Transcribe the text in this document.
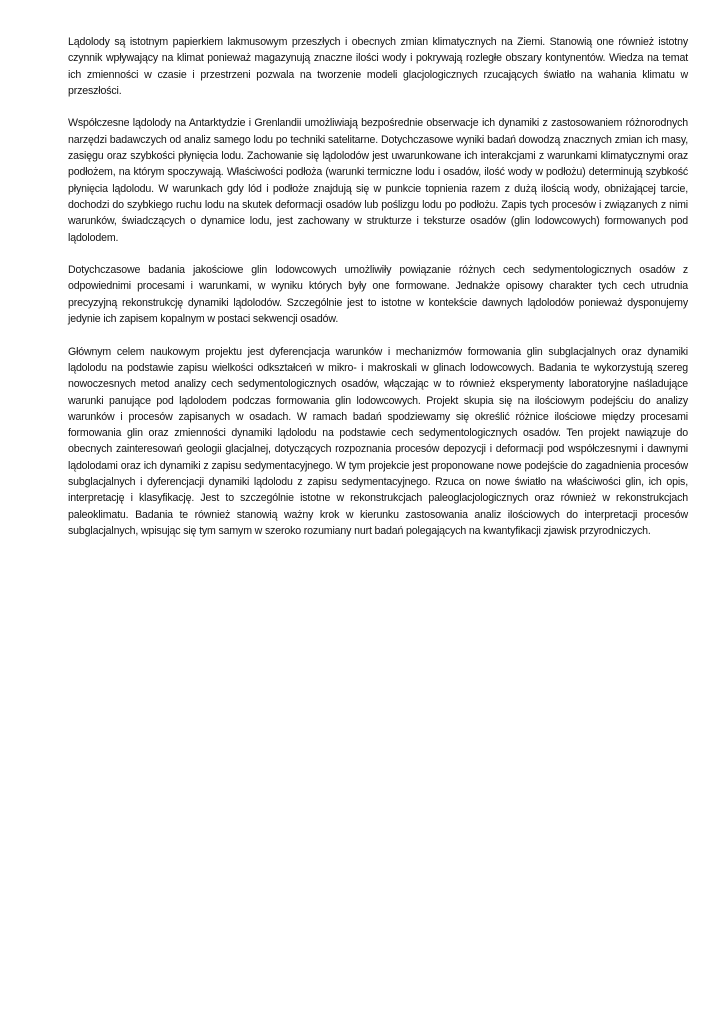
Lądolody są istotnym papierkiem lakmusowym przeszłych i obecnych zmian klimatycznych na Ziemi. Stanowią one również istotny czynnik wpływający na klimat ponieważ magazynują znaczne ilości wody i pokrywają rozległe obszary kontynentów. Wiedza na temat ich zmienności w czasie i przestrzeni pozwala na tworzenie modeli glacjologicznych rzucających światło na wahania klimatu w przeszłości.

Współczesne lądolody na Antarktydzie i Grenlandii umożliwiają bezpośrednie obserwacje ich dynamiki z zastosowaniem różnorodnych narzędzi badawczych od analiz samego lodu po techniki satelitarne. Dotychczasowe wyniki badań dowodzą znacznych zmian ich masy, zasięgu oraz szybkości płynięcia lodu. Zachowanie się lądolodów jest uwarunkowane ich interakcjami z warunkami klimatycznymi oraz podłożem, na którym spoczywają. Właściwości podłoża (warunki termiczne lodu i osadów, ilość wody w podłożu) determinują szybkość płynięcia lądolodu. W warunkach gdy lód i podłoże znajdują się w punkcie topnienia razem z dużą ilością wody, obniżającej tarcie, dochodzi do szybkiego ruchu lodu na skutek deformacji osadów lub poślizgu lodu po podłożu. Zapis tych procesów i związanych z nimi warunków, świadczących o dynamice lodu, jest zachowany w strukturze i teksturze osadów (glin lodowcowych) formowanych pod lądolodem.

Dotychczasowe badania jakościowe glin lodowcowych umożliwiły powiązanie różnych cech sedymentologicznych osadów z odpowiednimi procesami i warunkami, w wyniku których były one formowane. Jednakże opisowy charakter tych cech utrudnia precyzyjną rekonstrukcję dynamiki lądolodów. Szczególnie jest to istotne w kontekście dawnych lądolodów ponieważ dysponujemy jedynie ich zapisem kopalnym w postaci sekwencji osadów.

Głównym celem naukowym projektu jest dyferencjacja warunków i mechanizmów formowania glin subglacjalnych oraz dynamiki lądolodu na podstawie zapisu wielkości odkształceń w mikro- i makroskali w glinach lodowcowych. Badania te wykorzystują szereg nowoczesnych metod analizy cech sedymentologicznych osadów, włączając w to również eksperymenty laboratoryjne naśladujące warunki panujące pod lądolodem podczas formowania glin lodowcowych. Projekt skupia się na ilościowym podejściu do analizy warunków i procesów zapisanych w osadach. W ramach badań spodziewamy się określić różnice ilościowe między procesami formowania glin oraz zmienności dynamiki lądolodu na podstawie cech sedymentologicznych osadów. Ten projekt nawiązuje do obecnych zainteresowań geologii glacjalnej, dotyczących rozpoznania procesów depozycji i deformacji pod współczesnymi i dawnymi lądolodami oraz ich dynamiki z zapisu sedymentacyjnego. W tym projekcie jest proponowane nowe podejście do zagadnienia procesów subglacjalnych i dyferencjacji dynamiki lądolodu z zapisu sedymentacyjnego. Rzuca on nowe światło na właściwości glin, ich opis, interpretację i klasyfikację. Jest to szczególnie istotne w rekonstrukcjach paleoglacjologicznych oraz również w rekonstrukcjach paleoklimatu. Badania te również stanowią ważny krok w kierunku zastosowania analiz ilościowych do interpretacji procesów subglacjalnych, wpisując się tym samym w szeroko rozumiany nurt badań polegających na kwantyfikacji zjawisk przyrodniczych.
